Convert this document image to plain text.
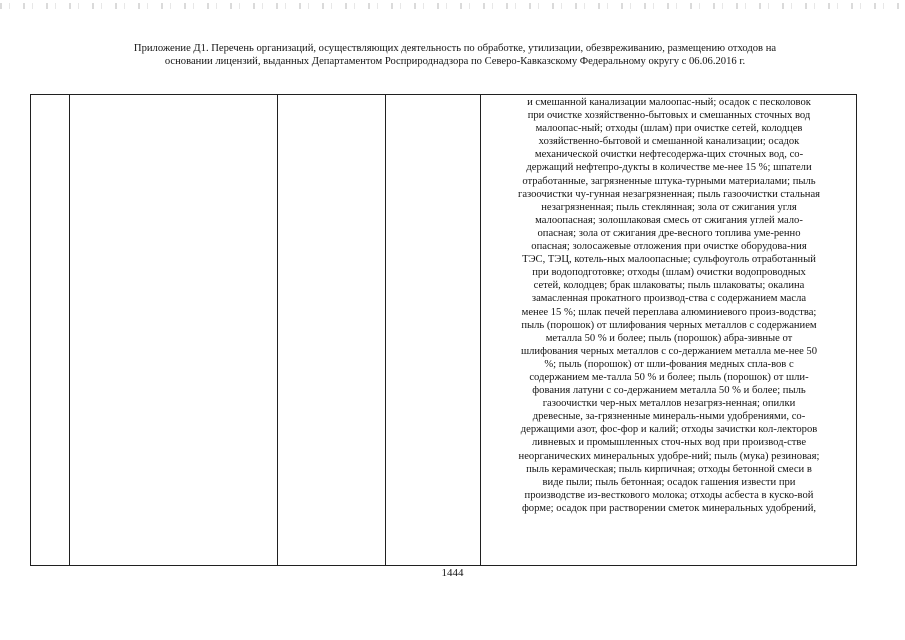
Приложение Д1. Перечень организаций, осуществляющих деятельность по обработке, утилизации, обезвреживанию, размещению отходов на
основании лицензий, выданных Департаментом Росприроднадзора по Северо-Кавказскому Федеральному округу с 06.06.2016 г.
и смешанной канализации малоопас-ный; осадок с песколовок
при очистке хозяйственно-бытовых и смешанных сточных вод
малоопас-ный; отходы (шлам) при очистке сетей, колодцев
хозяйственно-бытовой и смешанной канализации; осадок
механической очистки нефтесодержа-щих сточных вод, со-
держащий нефтепро-дукты в количестве ме-нее 15 %; шпатели
отработанные, загрязненные штука-турными материалами; пыль
газоочистки чу-гунная незагрязненная; пыль газоочистки стальная
незагрязненная; пыль стеклянная; зола от сжигания угля
малоопасная; золошлаковая смесь от сжигания углей мало-
опасная; зола от сжигания дре-весного топлива уме-ренно
опасная; золосажевые отложения при очистке оборудова-ния
ТЭС, ТЭЦ, котель-ных малоопасные; сульфоуголь отработанный
при водоподготовке; отходы (шлам) очистки водопроводных
сетей, колодцев; брак шлаковаты; пыль шлаковаты; окалина
замасленная прокатного производ-ства с содержанием масла
менее 15 %; шлак печей переплава алюминиевого произ-водства;
пыль (порошок) от шлифования черных металлов с содержанием
металла 50 % и более; пыль (порошок) абра-зивные от
шлифования черных металлов с со-держанием металла ме-нее 50
%; пыль (порошок) от шли-фования медных спла-вов с
содержанием ме-талла 50 % и более; пыль (порошок) от шли-
фования латуни с со-держанием металла 50 % и более; пыль
газоочистки чер-ных металлов незагряз-ненная; опилки
древесные, за-грязненные минераль-ными удобрениями, со-
держащими азот, фос-фор и калий; отходы зачистки кол-лекторов
ливневых и промышленных сточ-ных вод при производ-стве
неорганических минеральных удобре-ний; пыль (мука) резиновая;
пыль керамическая; пыль кирпичная; отходы бетонной смеси в
виде пыли; пыль бетонная; осадок гашения извести при
производстве из-весткового молока; отходы асбеста в куско-вой
форме; осадок при растворении сметок минеральных удобрений,
1444
